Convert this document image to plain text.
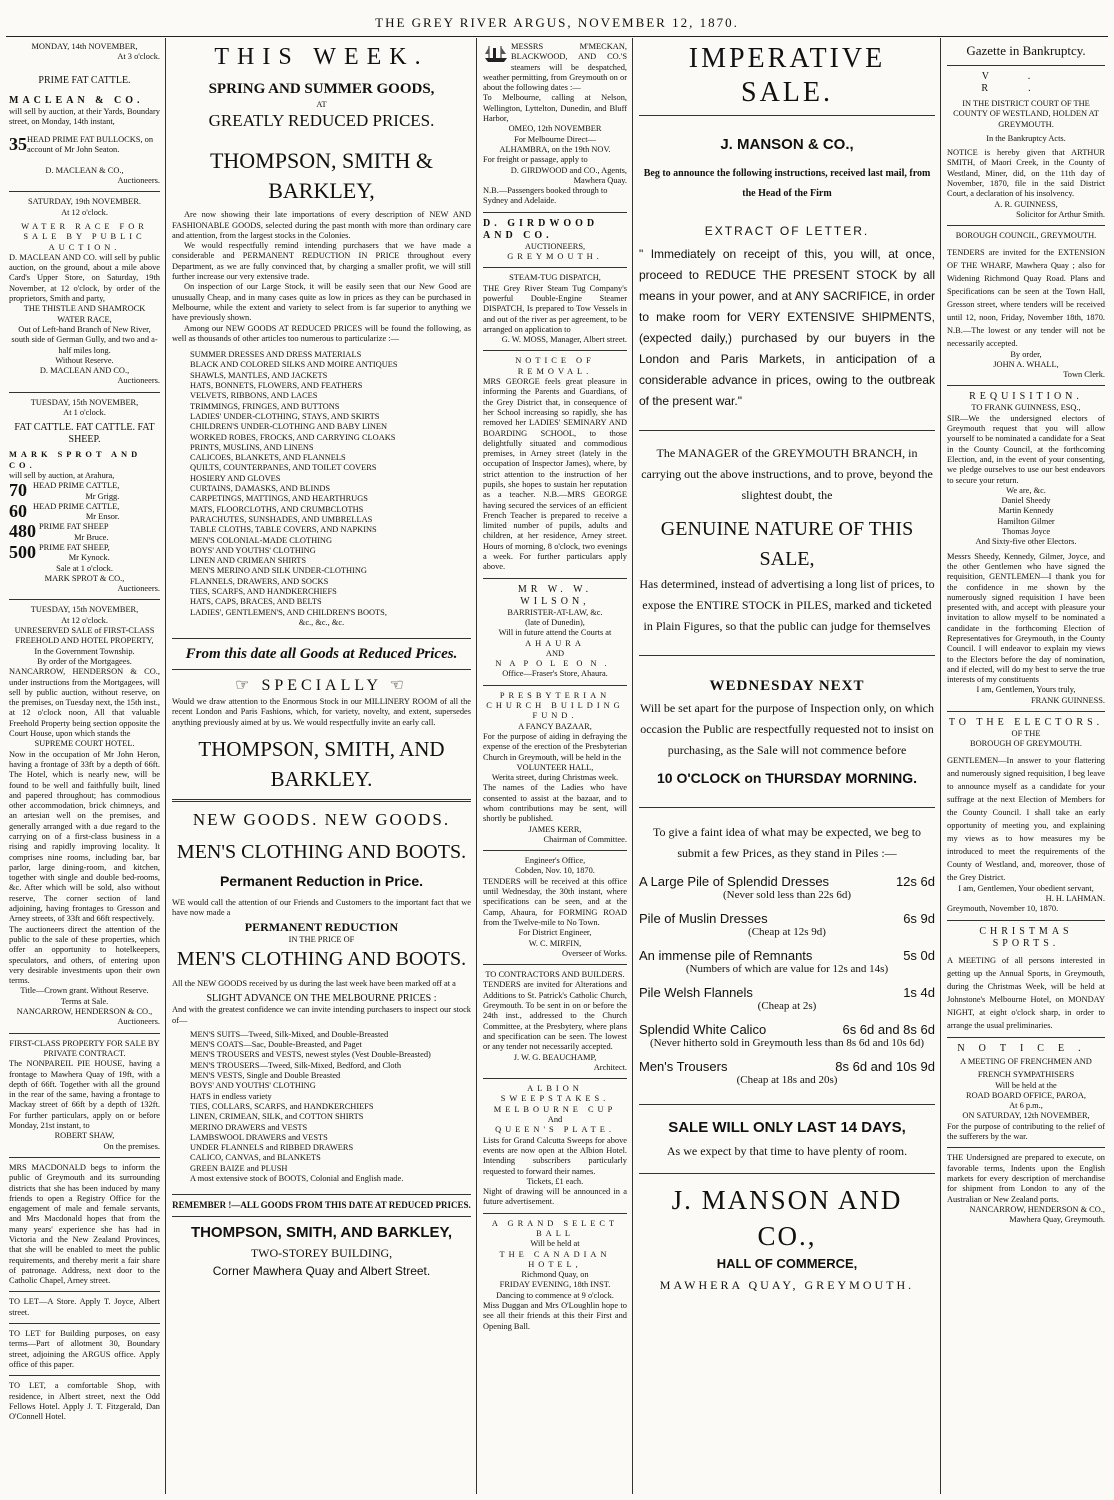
THE GREY RIVER ARGUS, NOVEMBER 12, 1870.
MONDAY, 14th NOVEMBER,
At 3 o'clock.
PRIME FAT CATTLE.
MACLEAN & CO.
will sell by auction, at their Yards, Boundary street, on Monday, 14th instant,
35 HEAD PRIME FAT BULLOCKS, on account of Mr John Seaton.
D. MACLEAN & CO.,
Auctioneers.
SATURDAY, 19th NOVEMBER.
At 12 o'clock.
WATER RACE FOR SALE BY PUBLIC AUCTION.
D. MACLEAN AND CO. will sell by public auction, on the ground, about a mile above Card's Upper Store, on Saturday, 19th November, at 12 o'clock, by order of the proprietors, Smith and party,
THE THISTLE AND SHAMROCK WATER RACE,
Out of Left-hand Branch of New River, south side of German Gully, and two and a-half miles long.
Without Reserve.
D. MACLEAN AND CO.,
Auctioneers.
TUESDAY, 15th NOVEMBER,
At 1 o'clock.
FAT CATTLE. FAT CATTLE. FAT SHEEP.
MARK SPROT AND CO.
will sell by auction, at Arahura,
70 HEAD PRIME CATTLE,

Mr Grigg.
60 HEAD PRIME CATTLE,

Mr Ensor.
480 PRIME FAT SHEEP

Mr Bruce.
500 PRIME FAT SHEEP,

Mr Kynock.
Sale at 1 o'clock.
MARK SPROT & CO.,
Auctioneers.
TUESDAY, 15th NOVEMBER,
At 12 o'clock.
UNRESERVED SALE of FIRST-CLASS FREEHOLD AND HOTEL PROPERTY,
In the Government Township.
By order of the Mortgagees.
NANCARROW, HENDERSON & CO., under instructions from the Mortgagees, will sell by public auction, without reserve, on the premises, on Tuesday next, the 15th inst., at 12 o'clock noon, All that valuable Freehold Property being section opposite the Court House, upon which stands the
SUPREME COURT HOTEL.
Now in the occupation of Mr John Heron, having a frontage of 33ft by a depth of 66ft. The Hotel, which is nearly new, will be found to be well and faithfully built, lined and papered throughout; has commodious other accommodation, brick chimneys, and an artesian well on the premises, and generally arranged with a due regard to the carrying on of a first-class business in a rising and rapidly improving locality. It comprises nine rooms, including bar, bar parlor, large dining-room, and kitchen, together with single and double bed-rooms, &c. After which will be sold, also without reserve, The corner section of land adjoining, having frontages to Gresson and Arney streets, of 33ft and 66ft respectively.
The auctioneers direct the attention of the public to the sale of these properties, which offer an opportunity to hotelkeepers, speculators, and others, of entering upon very desirable investments upon their own terms.
Title—Crown grant. Without Reserve. Terms at Sale.
NANCARROW, HENDERSON & CO.,
Auctioneers.
FIRST-CLASS PROPERTY FOR SALE BY PRIVATE CONTRACT.
The NONPAREIL PIE HOUSE, having a frontage to Mawhera Quay of 19ft, with a depth of 66ft. Together with all the ground in the rear of the same, having a frontage to Mackay street of 66ft by a depth of 132ft. For further particulars, apply on or before Monday, 21st instant, to
ROBERT SHAW,
On the premises.
MRS MACDONALD begs to inform the public of Greymouth and its surrounding districts that she has been induced by many friends to open a Registry Office for the engagement of male and female servants, and Mrs Macdonald hopes that from the many years' experience she has had in Victoria and the New Zealand Provinces, that she will be enabled to meet the public requirements, and thereby merit a fair share of patronage. Address, next door to the Catholic Chapel, Arney street.
TO LET—A Store. Apply T. Joyce, Albert street.
TO LET for Building purposes, on easy terms—Part of allotment 30, Boundary street, adjoining the ARGUS office. Apply office of this paper.
TO LET, a comfortable Shop, with residence, in Albert street, next the Odd Fellows Hotel. Apply J. T. Fitzgerald, Dan O'Connell Hotel.
THIS WEEK.
SPRING AND SUMMER GOODS,
AT
GREATLY REDUCED PRICES.
THOMPSON, SMITH & BARKLEY,
Are now showing their late importations of every description of NEW AND FASHIONABLE GOODS, selected during the past month with more than ordinary care and attention, from the largest stocks in the Colonies.
We would respectfully remind intending purchasers that we have made a considerable and PERMANENT REDUCTION IN PRICE throughout every Department, as we are fully convinced that, by charging a smaller profit, we will still further increase our very extensive trade.
On inspection of our Large Stock, it will be easily seen that our New Good are unusually Cheap, and in many cases quite as low in prices as they can be purchased in Melbourne, while the extent and variety to select from is far superior to anything we have previously shown.
Among our NEW GOODS AT REDUCED PRICES will be found the following, as well as thousands of other articles too numerous to particularize :—
SUMMER DRESSES AND DRESS MATERIALS
BLACK AND COLORED SILKS AND MOIRE ANTIQUES
SHAWLS, MANTLES, AND JACKETS
HATS, BONNETS, FLOWERS, AND FEATHERS
VELVETS, RIBBONS, AND LACES
TRIMMINGS, FRINGES, AND BUTTONS
LADIES' UNDER-CLOTHING, STAYS, AND SKIRTS
CHILDREN'S UNDER-CLOTHING AND BABY LINEN
WORKED ROBES, FROCKS, AND CARRYING CLOAKS
PRINTS, MUSLINS, AND LINENS
CALICOES, BLANKETS, AND FLANNELS
QUILTS, COUNTERPANES, AND TOILET COVERS
HOSIERY AND GLOVES
CURTAINS, DAMASKS, AND BLINDS
CARPETINGS, MATTINGS, AND HEARTHRUGS
MATS, FLOORCLOTHS, AND CRUMBCLOTHS
PARACHUTES, SUNSHADES, AND UMBRELLAS
TABLE CLOTHS, TABLE COVERS, AND NAPKINS
MEN'S COLONIAL-MADE CLOTHING
BOYS' AND YOUTHS' CLOTHING
LINEN AND CRIMEAN SHIRTS
MEN'S MERINO AND SILK UNDER-CLOTHING
FLANNELS, DRAWERS, AND SOCKS
TIES, SCARFS, AND HANDKERCHIEFS
HATS, CAPS, BRACES, AND BELTS
LADIES', GENTLEMEN'S, AND CHILDREN'S BOOTS,
&c., &c., &c.
From this date all Goods at Reduced Prices.
☞ SPECIALLY ☜
Would we draw attention to the Enormous Stock in our MILLINERY ROOM of all the recent London and Paris Fashions, which, for variety, novelty, and extent, supersedes anything previously aimed at by us. We would respectfully invite an early call.
THOMPSON, SMITH, AND BARKLEY.
NEW GOODS. NEW GOODS.
MEN'S CLOTHING AND BOOTS.
Permanent Reduction in Price.
WE would call the attention of our Friends and Customers to the important fact that we have now made a
PERMANENT REDUCTION
IN THE PRICE OF
MEN'S CLOTHING AND BOOTS.
All the NEW GOODS received by us during the last week have been marked off at a
SLIGHT ADVANCE ON THE MELBOURNE PRICES :
And with the greatest confidence we can invite intending purchasers to inspect our stock of—
MEN'S SUITS—Tweed, Silk-Mixed, and Double-Breasted
MEN'S COATS—Sac, Double-Breasted, and Paget
MEN'S TROUSERS and VESTS, newest styles (Vest Double-Breasted)
MEN'S TROUSERS—Tweed, Silk-Mixed, Bedford, and Cloth
MEN'S VESTS, Single and Double Breasted
BOYS' AND YOUTHS' CLOTHING
HATS in endless variety
TIES, COLLARS, SCARFS, and HANDKERCHIEFS
LINEN, CRIMEAN, SILK, and COTTON SHIRTS
MERINO DRAWERS and VESTS
LAMBSWOOL DRAWERS and VESTS
UNDER FLANNELS and RIBBED DRAWERS
CALICO, CANVAS, and BLANKETS
GREEN BAIZE and PLUSH
A most extensive stock of BOOTS, Colonial and English made.
REMEMBER !—ALL GOODS FROM THIS DATE AT REDUCED PRICES.
THOMPSON, SMITH, AND BARKLEY,
TWO-STOREY BUILDING,
Corner Mawhera Quay and Albert Street.
MESSRS M'MECKAN, BLACKWOOD, AND CO.'S steamers will be despatched, weather permitting, from Greymouth on or about the following dates :—
To Melbourne, calling at Nelson, Wellington, Lyttelton, Dunedin, and Bluff Harbor,
OMEO, 12th NOVEMBER
For Melbourne Direct—
ALHAMBRA, on the 19th NOV.
For freight or passage, apply to
D. GIRDWOOD and CO., Agents, Mawhera Quay.
N.B.—Passengers booked through to Sydney and Adelaide.
D. GIRDWOOD AND CO.
AUCTIONEERS,
GREYMOUTH.
STEAM-TUG DISPATCH,
THE Grey River Steam Tug Company's powerful Double-Engine Steamer DISPATCH, Is prepared to Tow Vessels in and out of the river as per agreement, to be arranged on application to
G. W. MOSS, Manager, Albert street.
NOTICE OF REMOVAL.
MRS GEORGE feels great pleasure in informing the Parents and Guardians, of the Grey District that, in consequence of her School increasing so rapidly, she has removed her LADIES' SEMINARY AND BOARDING SCHOOL, to those delightfully situated and commodious premises, in Arney street (lately in the occupation of Inspector James), where, by strict attention to the instruction of her pupils, she hopes to sustain her reputation as a teacher. N.B.—MRS GEORGE having secured the services of an efficient French Teacher is prepared to receive a limited number of pupils, adults and children, at her residence, Arney street. Hours of morning, 8 o'clock, two evenings a week. For further particulars apply above.
MR W. W. WILSON,
BARRISTER-AT-LAW, &c.
(late of Dunedin),
Will in future attend the Courts at
AHAURA
AND
NAPOLEON.
Office—Fraser's Store, Ahaura.
PRESBYTERIAN CHURCH BUILDING FUND.
A FANCY BAZAAR,
For the purpose of aiding in defraying the expense of the erection of the Presbyterian Church in Greymouth, will be held in the
VOLUNTEER HALL,
Werita street, during Christmas week.
The names of the Ladies who have consented to assist at the bazaar, and to whom contributions may be sent, will shortly be published.
JAMES KERR,
Chairman of Committee.
Engineer's Office,
Cobden, Nov. 10, 1870.
TENDERS will be received at this office until Wednesday, the 30th instant, where specifications can be seen, and at the Camp, Ahaura, for FORMING ROAD from the Twelve-mile to No Town.
For District Engineer,
W. C. MIRFIN,
Overseer of Works.
TO CONTRACTORS AND BUILDERS.
TENDERS are invited for Alterations and Additions to St. Patrick's Catholic Church, Greymouth. To be sent in on or before the 24th inst., addressed to the Church Committee, at the Presbytery, where plans and specification can be seen. The lowest or any tender not necessarily accepted.
J. W. G. BEAUCHAMP,
Architect.
ALBION SWEEPSTAKES.
MELBOURNE CUP
And
QUEEN'S PLATE.
Lists for Grand Calcutta Sweeps for above events are now open at the Albion Hotel. Intending subscribers particularly requested to forward their names.
Tickets, £1 each.
Night of drawing will be announced in a future advertisement.
A GRAND SELECT BALL
Will be held at
THE CANADIAN HOTEL,
Richmond Quay, on
FRIDAY EVENING, 18th INST.
Dancing to commence at 9 o'clock.
Miss Duggan and Mrs O'Loughlin hope to see all their friends at this their First and Opening Ball.
IMPERATIVE SALE.
J. MANSON & CO.,
Beg to announce the following instructions, received last mail, from the Head of the Firm
EXTRACT OF LETTER.
" Immediately on receipt of this, you will, at once, proceed to REDUCE THE PRESENT STOCK by all means in your power, and at ANY SACRIFICE, in order to make room for VERY EXTENSIVE SHIPMENTS, (expected daily,) purchased by our buyers in the London and Paris Markets, in anticipation of a considerable advance in prices, owing to the outbreak of the present war."
The MANAGER of the GREYMOUTH BRANCH, in carrying out the above instructions, and to prove, beyond the slightest doubt, the
GENUINE NATURE OF THIS SALE,
Has determined, instead of advertising a long list of prices, to expose the ENTIRE STOCK in PILES, marked and ticketed in Plain Figures, so that the public can judge for themselves
WEDNESDAY NEXT
Will be set apart for the purpose of Inspection only, on which occasion the Public are respectfully requested not to insist on purchasing, as the Sale will not commence before
10 O'CLOCK on THURSDAY MORNING.
To give a faint idea of what may be expected, we beg to submit a few Prices, as they stand in Piles :—
A Large Pile of Splendid Dresses	12s 6d
(Never sold less than 22s 6d)
Pile of Muslin Dresses	6s 9d
(Cheap at 12s 9d)
An immense pile of Remnants	5s 0d
(Numbers of which are value for 12s and 14s)
Pile Welsh Flannels	1s 4d
(Cheap at 2s)
Splendid White Calico	6s 6d and 8s 6d
(Never hitherto sold in Greymouth less than 8s 6d and 10s 6d)
Men's Trousers	8s 6d and 10s 9d
(Cheap at 18s and 20s)
SALE WILL ONLY LAST 14 DAYS,
As we expect by that time to have plenty of room.
J. MANSON AND CO.,
HALL OF COMMERCE,
MAWHERA QUAY, GREYMOUTH.
Gazette in Bankruptcy.
V. R.
IN THE DISTRICT COURT OF THE COUNTY OF WESTLAND, HOLDEN AT GREYMOUTH.
In the Bankruptcy Acts.
NOTICE is hereby given that ARTHUR SMITH, of Maori Creek, in the County of Westland, Miner, did, on the 11th day of November, 1870, file in the said District Court, a declaration of his insolvency.
A. R. GUINNESS,
Solicitor for Arthur Smith.
BOROUGH COUNCIL, GREYMOUTH.
TENDERS are invited for the EXTENSION OF THE WHARF, Mawhera Quay ; also for Widening Richmond Quay Road. Plans and Specifications can be seen at the Town Hall, Gresson street, where tenders will be received until 12, noon, Friday, November 18th, 1870. N.B.—The lowest or any tender will not be necessarily accepted.
By order,
JOHN A. WHALL,
Town Clerk.
REQUISITION.
TO FRANK GUINNESS, ESQ.,
SIR—We the undersigned electors of Greymouth request that you will allow yourself to be nominated a candidate for a Seat in the County Council, at the forthcoming Election, and, in the event of your consenting, we pledge ourselves to use our best endeavors to secure your return.
We are, &c.
Daniel Sheedy
Martin Kennedy
Hamilton Gilmer
Thomas Joyce
And Sixty-five other Electors.
Messrs Sheedy, Kennedy, Gilmer, Joyce, and the other Gentlemen who have signed the requisition, GENTLEMEN—I thank you for the confidence in me shown by the numerously signed requisition I have been presented with, and accept with pleasure your invitation to allow myself to be nominated a candidate in the forthcoming Election of Representatives for Greymouth, in the County Council. I will endeavor to explain my views to the Electors before the day of nomination, and if elected, will do my best to serve the true interests of my constituents
I am, Gentlemen, Yours truly,
FRANK GUINNESS.
TO THE ELECTORS.
OF THE
BOROUGH OF GREYMOUTH.
GENTLEMEN—In answer to your flattering and numerously signed requisition, I beg leave to announce myself as a candidate for your suffrage at the next Election of Members for the County Council. I shall take an early opportunity of meeting you, and explaining my views as to how measures my be introduced to meet the requirements of the County of Westland, and, moreover, those of the Grey District.
I am, Gentlemen, Your obedient servant,
H. H. LAHMAN.
Greymouth, November 10, 1870.
CHRISTMAS SPORTS.
A MEETING of all persons interested in getting up the Annual Sports, in Greymouth, during the Christmas Week, will be held at Johnstone's Melbourne Hotel, on MONDAY NIGHT, at eight o'clock sharp, in order to arrange the usual preliminaries.
NOTICE.
A MEETING OF FRENCHMEN AND FRENCH SYMPATHISERS
Will be held at the
ROAD BOARD OFFICE, PAROA,
At 6 p.m.,
ON SATURDAY, 12th NOVEMBER,
For the purpose of contributing to the relief of the sufferers by the war.
THE Undersigned are prepared to execute, on favorable terms, Indents upon the English markets for every description of merchandise for shipment from London to any of the Australian or New Zealand ports.
NANCARROW, HENDERSON & CO.,
Mawhera Quay, Greymouth.
